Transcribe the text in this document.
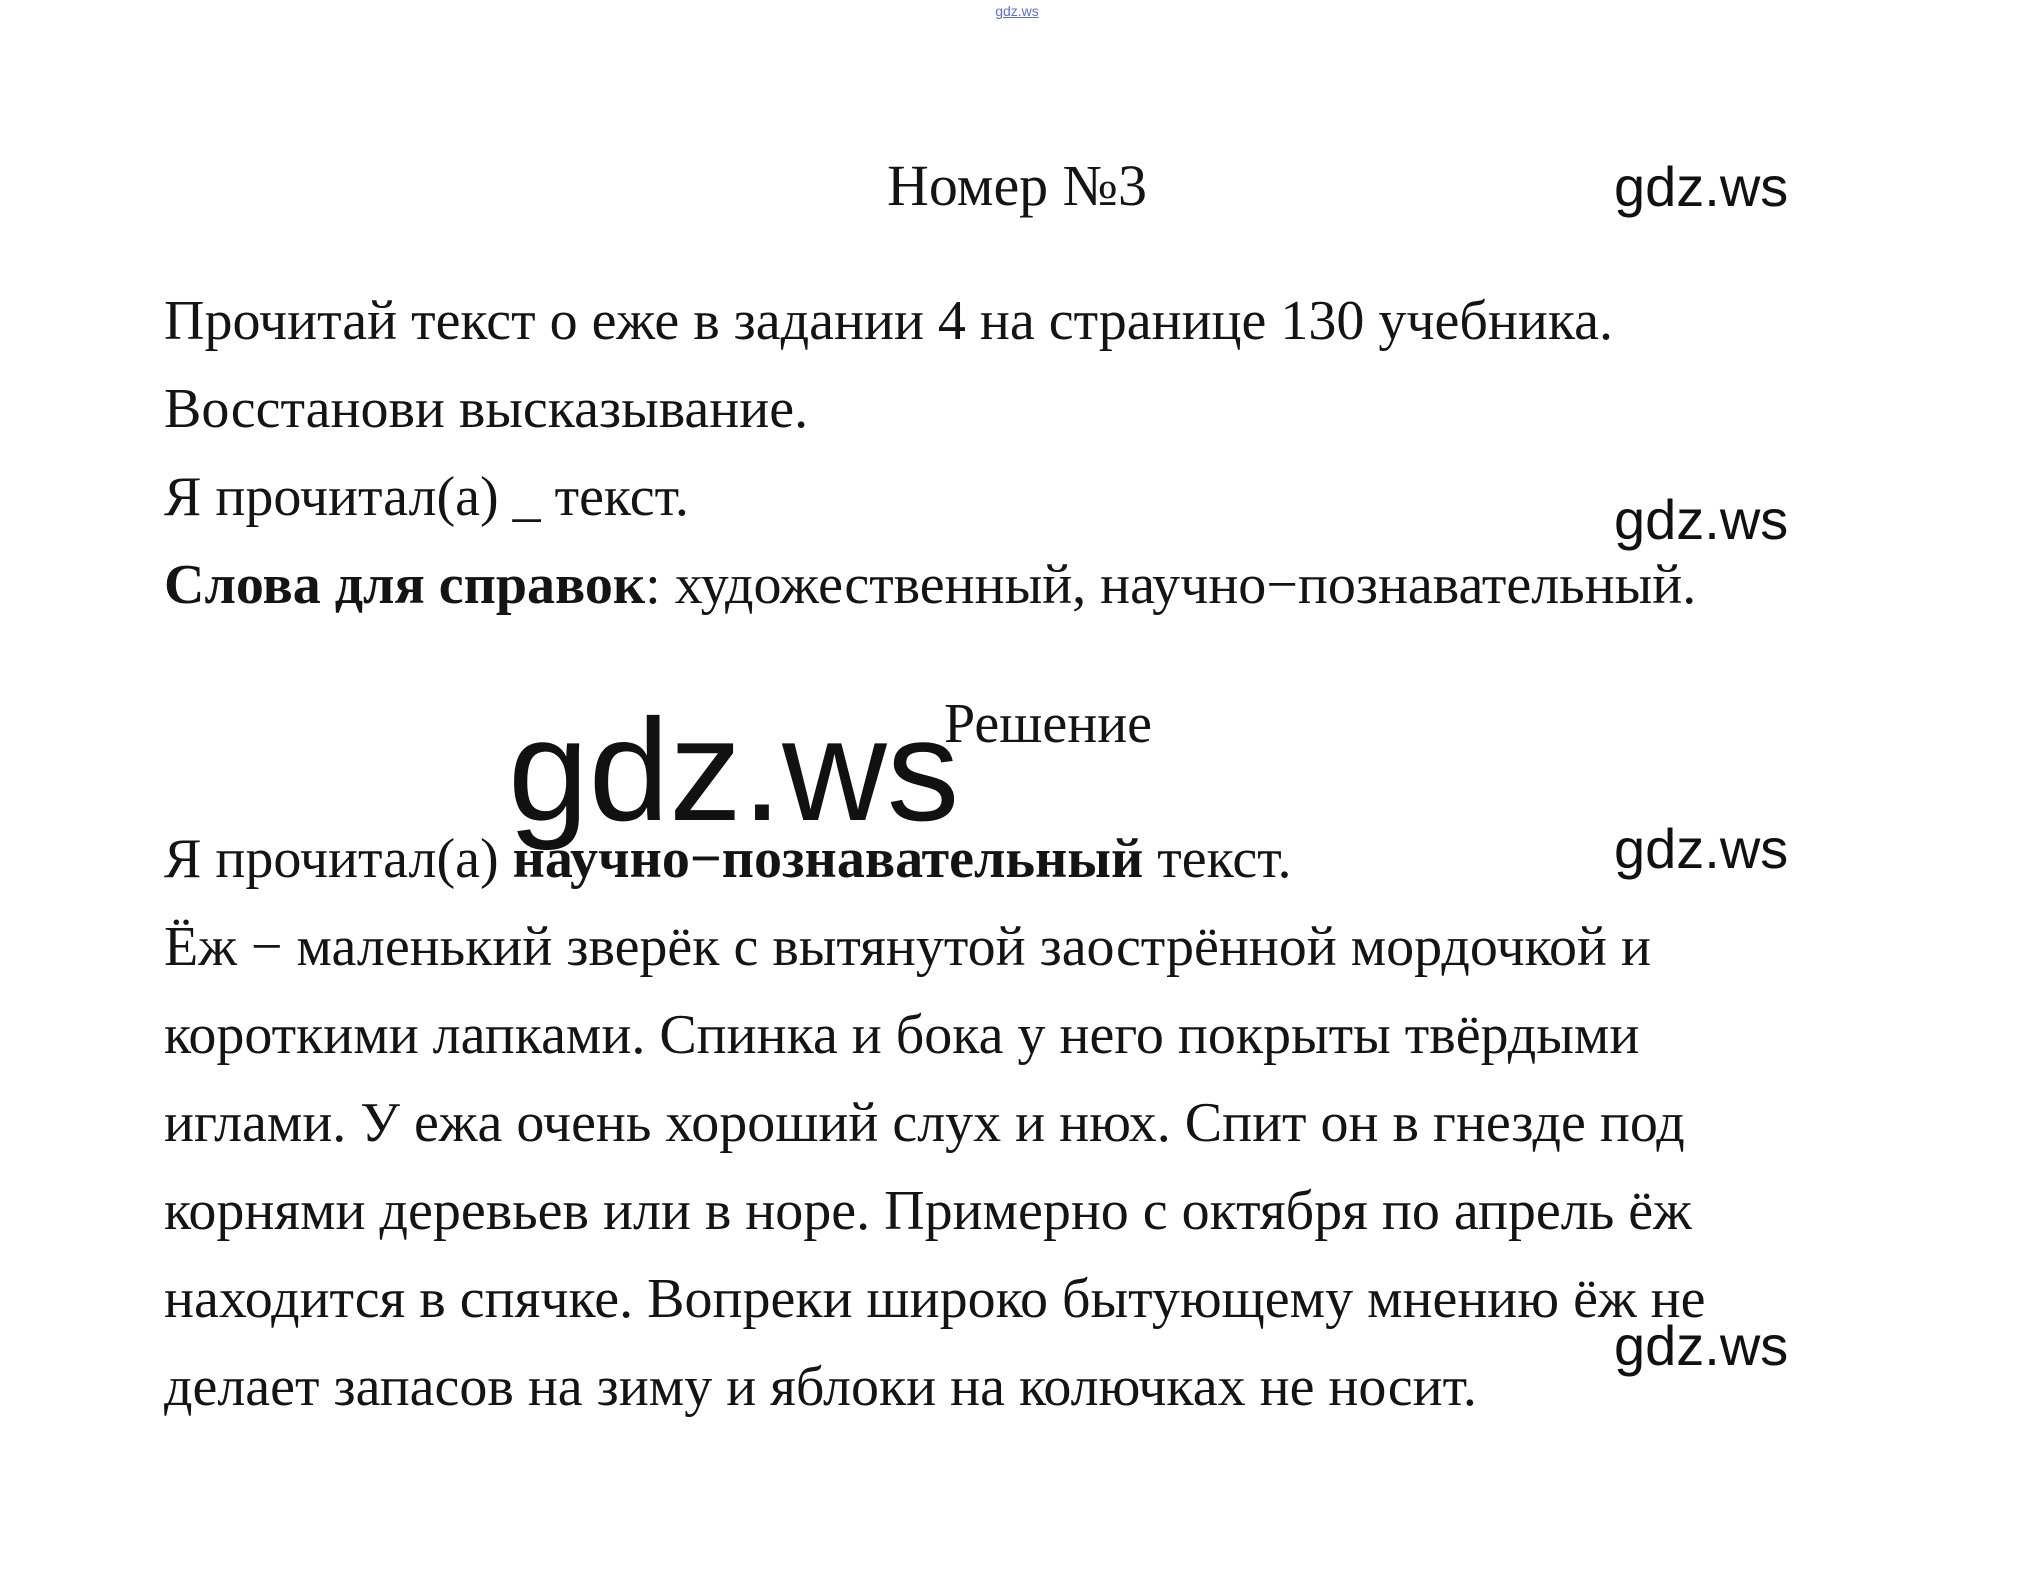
gdz.ws
Номер №3	gdz.ws
Прочитай текст о еже в задании 4 на странице 130 учебника.
Восстанови высказывание.
Я прочитал(а) _ текст.	gdz.ws
Слова для справок: художественный, научно−познавательный.
gdz.ws
Решение
gdz.ws
Я прочитал(а) научно−познавательный текст.
Ёж − маленький зверёк с вытянутой заострённой мордочкой и
короткими лапками. Спинка и бока у него покрыты твёрдыми
иглами. У ежа очень хороший слух и нюх. Спит он в гнезде под
корнями деревьев или в норе. Примерно с октября по апрель ёж
находится в спячке. Вопреки широко бытующему мнению ёж не
gdz.ws
делает запасов на зиму и яблоки на колючках не носит.
